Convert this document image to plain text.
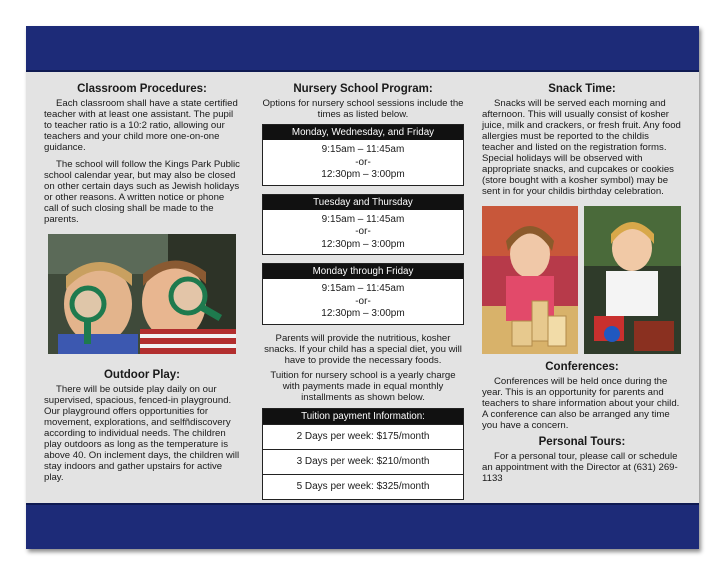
Classroom Procedures:

Each classroom shall have a state certified teacher with at least one assistant. The pupil to teacher ratio is a 10:2 ratio, allowing our teachers and your child more one-on-one guidance.

The school will follow the Kings Park Public school calendar year, but may also be closed on other certain days such as Jewish holidays or other reasons. A written notice or phone call of such closing shall be made to the parents.

Outdoor Play:

There will be outside play daily on our supervised, spacious, fenced-in playground. Our playground offers opportunities for movement, explorations, and selfñdiscovery according to individual needs. The children play outdoors as long as the temperature is above 40. On inclement days, the children will stay indoors and gather upstairs for active play.

Nursery School Program:

Options for nursery school sessions include the times as listed below.

Monday, Wednesday, and Friday
9:15am – 11:45am
-or-
12:30pm – 3:00pm
Tuesday and Thursday
9:15am – 11:45am
-or-
12:30pm – 3:00pm
Monday through Friday
9:15am – 11:45am
-or-
12:30pm – 3:00pm

Parents will provide the nutritious, kosher snacks. If your child has a special diet, you will have to provide the necessary foods.

Tuition for nursery school is a yearly charge with payments made in equal monthly installments as shown below.

Tuition payment Information:
2 Days per week: $175/month
3 Days per week: $210/month
5 Days per week: $325/month
Snack Time:

Snacks will be served each morning and afternoon. This will usually consist of kosher juice, milk and crackers, or fresh fruit. Any food allergies must be reported to the childis teacher and listed on the registration forms. Special holidays will be observed with appropriate snacks, and cupcakes or cookies (store bought with a kosher symbol) may be sent in for your childis birthday celebration.

Conferences:

Conferences will be held once during the year. This is an opportunity for parents and teachers to share information about your child. A conference can also be arranged any time you have a concern.

Personal Tours:

For a personal tour, please call or schedule an appointment with the Director at (631) 269-1133
